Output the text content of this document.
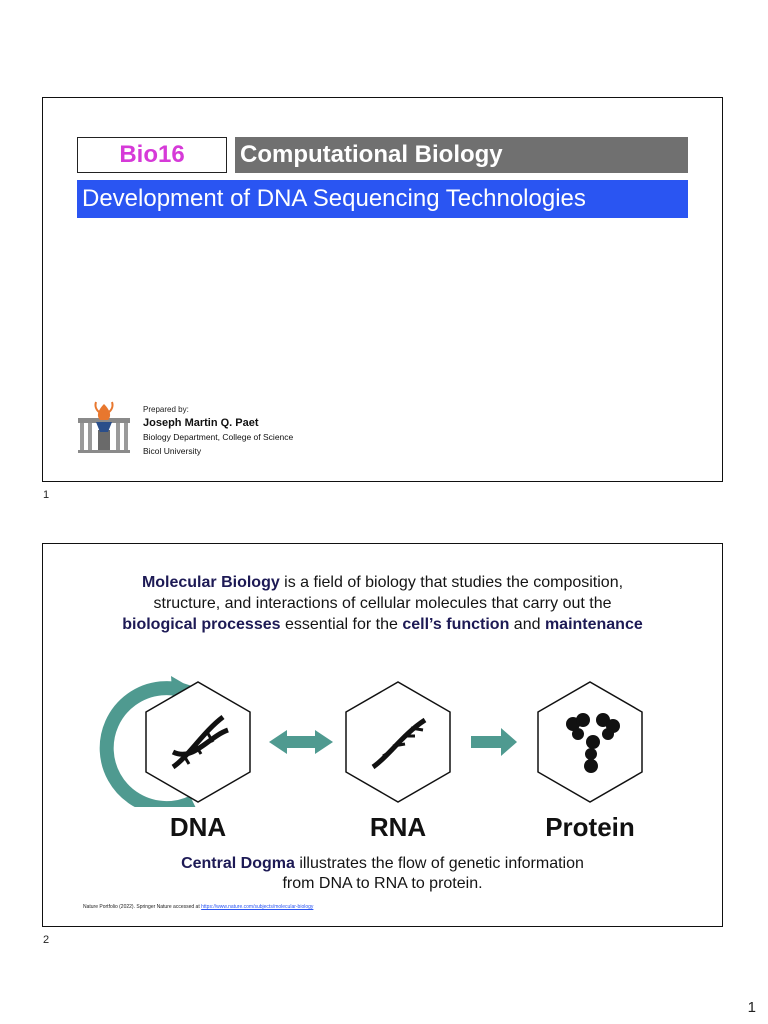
Bio16	Computational Biology
Development of DNA Sequencing Technologies
Prepared by:
Joseph Martin Q. Paet
Biology Department, College of Science
Bicol University
1
Molecular Biology is a field of biology that studies the composition,
structure, and interactions of cellular molecules that carry out the
biological processes essential for the cell’s function and maintenance
DNA	RNA	Protein
Central Dogma illustrates the flow of genetic information
from DNA to RNA to protein.
Nature Portfolio (2022). Springer Nature accessed at https://www.nature.com/subjects/molecular-biology
2
1
